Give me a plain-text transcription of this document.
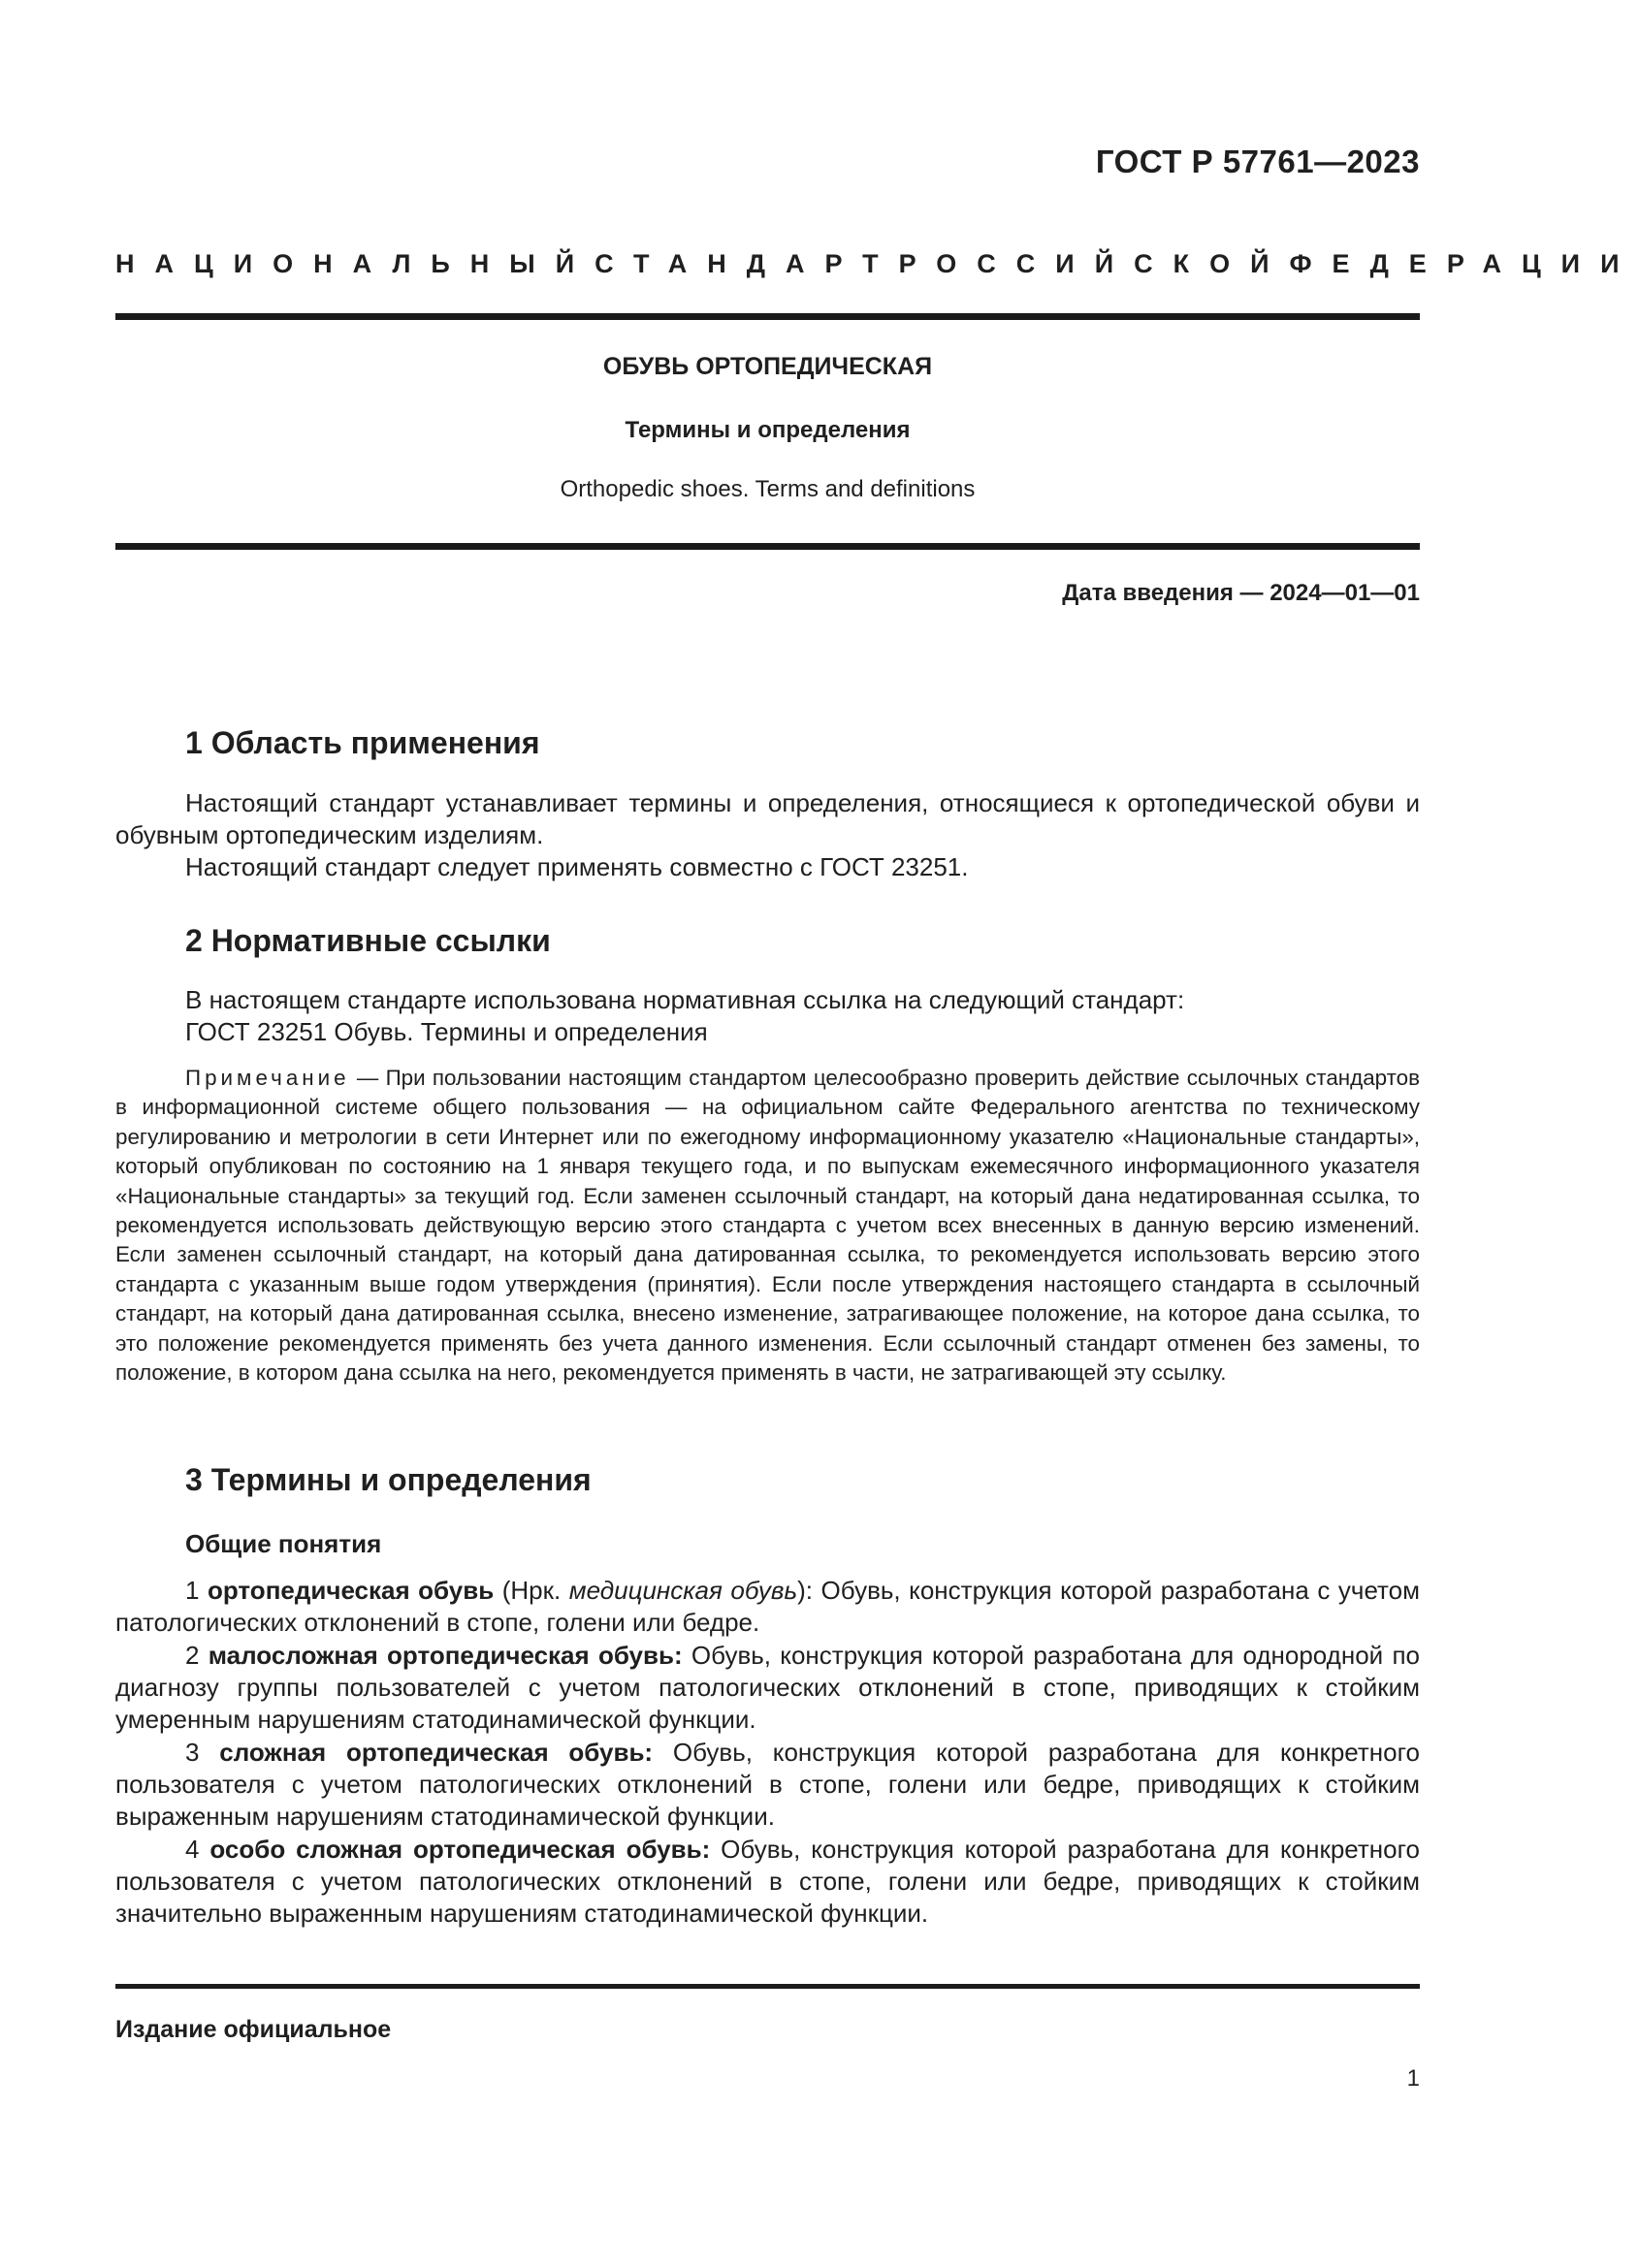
ГОСТ Р 57761—2023
НАЦИОНАЛЬНЫЙ СТАНДАРТ РОССИЙСКОЙ ФЕДЕРАЦИИ
ОБУВЬ ОРТОПЕДИЧЕСКАЯ
Термины и определения
Orthopedic shoes. Terms and definitions
Дата введения — 2024—01—01
1 Область применения
Настоящий стандарт устанавливает термины и определения, относящиеся к ортопедической обуви и обувным ортопедическим изделиям.
Настоящий стандарт следует применять совместно с ГОСТ 23251.
2 Нормативные ссылки
В настоящем стандарте использована нормативная ссылка на следующий стандарт:
ГОСТ 23251 Обувь. Термины и определения
Примечание — При пользовании настоящим стандартом целесообразно проверить действие ссылочных стандартов в информационной системе общего пользования — на официальном сайте Федерального агентства по техническому регулированию и метрологии в сети Интернет или по ежегодному информационному указателю «Национальные стандарты», который опубликован по состоянию на 1 января текущего года, и по выпускам ежемесячного информационного указателя «Национальные стандарты» за текущий год. Если заменен ссылочный стандарт, на который дана недатированная ссылка, то рекомендуется использовать действующую версию этого стандарта с учетом всех внесенных в данную версию изменений. Если заменен ссылочный стандарт, на который дана датированная ссылка, то рекомендуется использовать версию этого стандарта с указанным выше годом утверждения (принятия). Если после утверждения настоящего стандарта в ссылочный стандарт, на который дана датированная ссылка, внесено изменение, затрагивающее положение, на которое дана ссылка, то это положение рекомендуется применять без учета данного изменения. Если ссылочный стандарт отменен без замены, то положение, в котором дана ссылка на него, рекомендуется применять в части, не затрагивающей эту ссылку.
3 Термины и определения
Общие понятия
1 ортопедическая обувь (Нрк. медицинская обувь): Обувь, конструкция которой разработана с учетом патологических отклонений в стопе, голени или бедре.
2 малосложная ортопедическая обувь: Обувь, конструкция которой разработана для однородной по диагнозу группы пользователей с учетом патологических отклонений в стопе, приводящих к стойким умеренным нарушениям статодинамической функции.
3 сложная ортопедическая обувь: Обувь, конструкция которой разработана для конкретного пользователя с учетом патологических отклонений в стопе, голени или бедре, приводящих к стойким выраженным нарушениям статодинамической функции.
4 особо сложная ортопедическая обувь: Обувь, конструкция которой разработана для конкретного пользователя с учетом патологических отклонений в стопе, голени или бедре, приводящих к стойким значительно выраженным нарушениям статодинамической функции.
Издание официальное
1
